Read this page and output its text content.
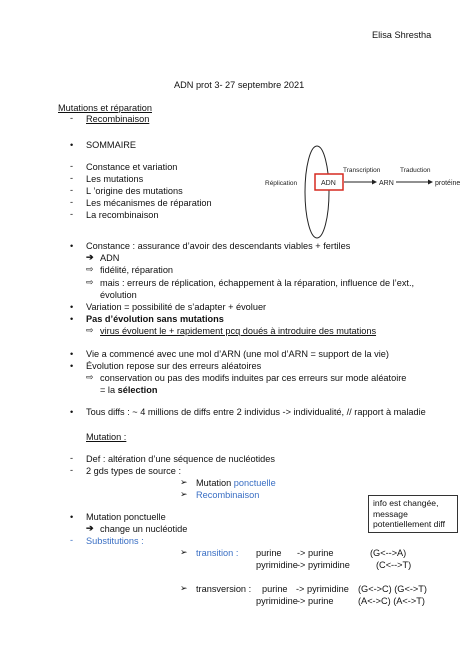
Elisa Shrestha
ADN prot 3- 27 septembre 2021
Mutations et réparation
- Recombinaison
• SOMMAIRE
- Constance et variation
- Les mutations
- L ’origine des mutations
- Les mécanismes de réparation
- La recombinaison
Réplication	ADN
Transcription
ARN
Traduction
protéine
• Constance : assurance d’avoir des descendants viables + fertiles
➔ ADN
⇨ fidélité, réparation
⇨ mais : erreurs de réplication, échappement à la réparation, influence de l’ext.,
évolution
• Variation = possibilité de s’adapter + évoluer
• Pas d’évolution sans mutations
⇨ virus évoluent le + rapidement pcq doués à introduire des mutations
• Vie a commencé avec une mol d’ARN (une mol d’ARN = support de la vie)
• Évolution repose sur des erreurs aléatoires
⇨ conservation ou pas des modifs induites par ces erreurs sur mode aléatoire
= la sélection
• Tous diffs : ~ 4 millions de diffs entre 2 individus -> individualité, // rapport à maladie
Mutation :
- Def : altération d’une séquence de nucléotides
- 2 gds types de source :
➢ Mutation ponctuelle
➢ Recombinaison
• Mutation ponctuelle
➔ change un nucléotide
- Substitutions :
➢ transition : purine -> purine	(G<-->A)
pyrimidine -> pyrimidine	(C<-->T)
➢ transversion : purine -> pyrimidine (G<->C) (G<->T)
pyrimidine -> purine	(A<->C) (A<->T)
info est changée, message potentiellement diff
